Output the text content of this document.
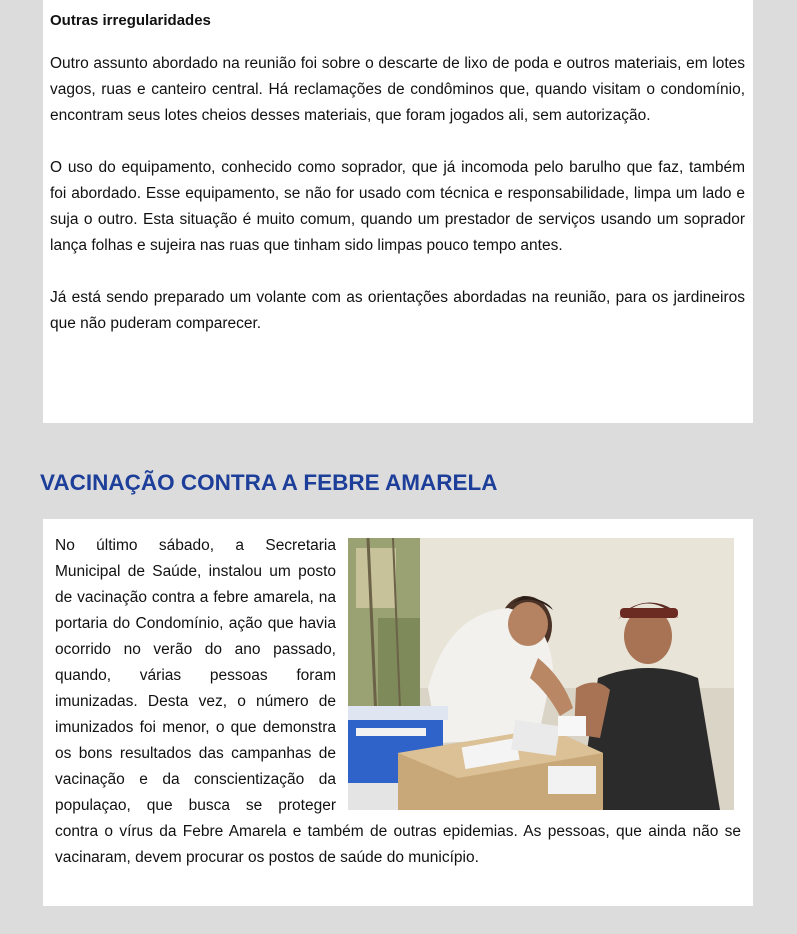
Outras irregularidades

Outro assunto abordado na reunião foi sobre o descarte de lixo de poda e outros materiais, em lotes vagos, ruas e canteiro central. Há reclamações de condôminos que, quando visitam o condomínio, encontram seus lotes cheios desses materiais, que foram jogados ali, sem autorização.

O uso do equipamento, conhecido como soprador, que já incomoda pelo barulho que faz, também foi abordado. Esse equipamento, se não for usado com técnica e responsabilidade, limpa um lado e suja o outro. Esta situação é muito comum, quando um prestador de serviços usando um soprador lança folhas e sujeira nas ruas que tinham sido limpas pouco tempo antes.

Já está sendo preparado um volante com as orientações abordadas na reunião, para os jardineiros que não puderam comparecer.

VACINAÇÃO CONTRA A FEBRE AMARELA

No último sábado, a Secretaria Municipal de Saúde, instalou um posto de vacinação contra a febre amarela, na portaria do Condomínio, ação que havia ocorrido no verão do ano passado, quando, várias pessoas foram imunizadas. Desta vez, o número de imunizados foi menor, o que demonstra os bons resultados das campanhas de vacinação e da conscientização da populaçao, que busca se proteger contra o vírus da Febre Amarela e também de outras epidemias. As pessoas, que ainda não se vacinaram, devem procurar os postos de saúde do município.
